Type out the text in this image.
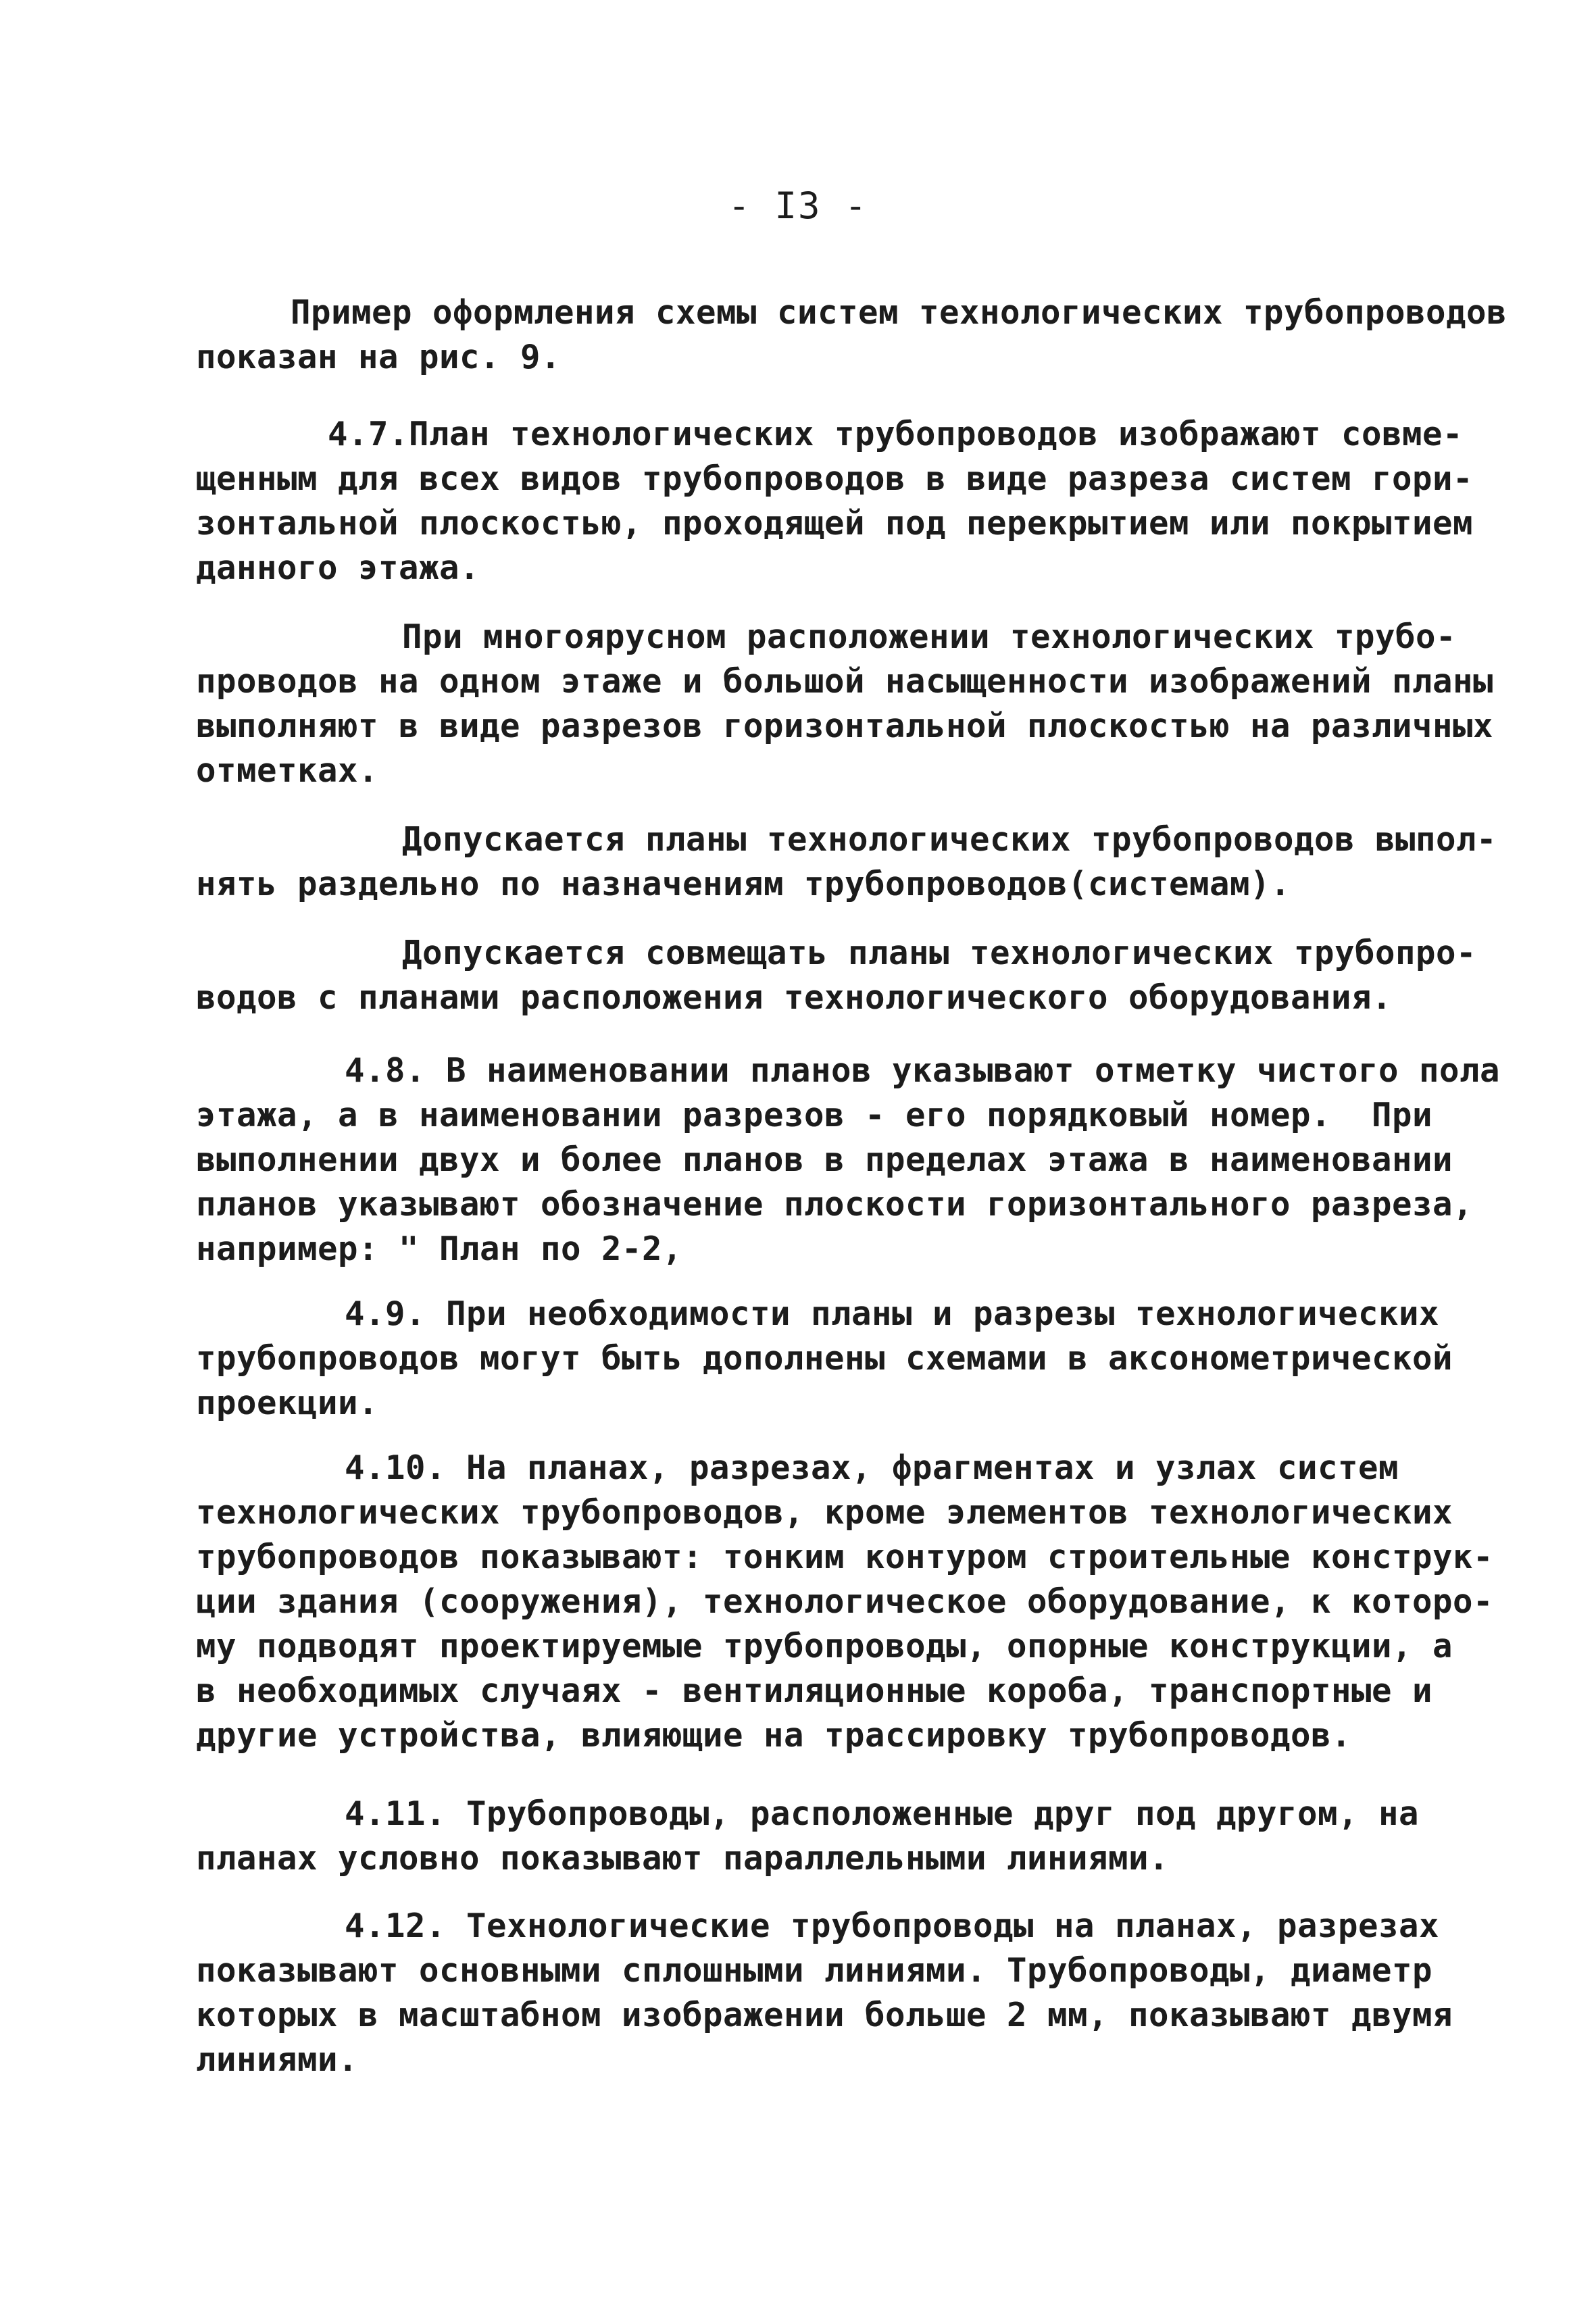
- I3 -
Пример оформления схемы систем технологических трубопроводов
показан на рис. 9.
4.7.План технологических трубопроводов изображают совме-
щенным для всех видов трубопроводов в виде разреза систем гори-
зонтальной плоскостью, проходящей под перекрытием или покрытием
данного этажа.
При многоярусном расположении технологических трубо-
проводов на одном этаже и большой насыщенности изображений планы
выполняют в виде разрезов горизонтальной плоскостью на различных
отметках.
Допускается планы технологических трубопроводов выпол-
нять раздельно по назначениям трубопроводов(системам).
Допускается совмещать планы технологических трубопро-
водов с планами расположения технологического оборудования.
4.8. В наименовании планов указывают отметку чистого пола
этажа, а в наименовании разрезов - его порядковый номер.  При
выполнении двух и более планов в пределах этажа в наименовании
планов указывают обозначение плоскости горизонтального разреза,
например: " План по 2-2,
4.9. При необходимости планы и разрезы технологических
трубопроводов могут быть дополнены схемами в аксонометрической
проекции.
4.10. На планах, разрезах, фрагментах и узлах систем
технологических трубопроводов, кроме элементов технологических
трубопроводов показывают: тонким контуром строительные конструк-
ции здания (сооружения), технологическое оборудование, к которо-
му подводят проектируемые трубопроводы, опорные конструкции, а
в необходимых случаях - вентиляционные короба, транспортные и
другие устройства, влияющие на трассировку трубопроводов.
4.11. Трубопроводы, расположенные друг под другом, на
планах условно показывают параллельными линиями.
4.12. Технологические трубопроводы на планах, разрезах
показывают основными сплошными линиями. Трубопроводы, диаметр
которых в масштабном изображении больше 2 мм, показывают двумя
линиями.
